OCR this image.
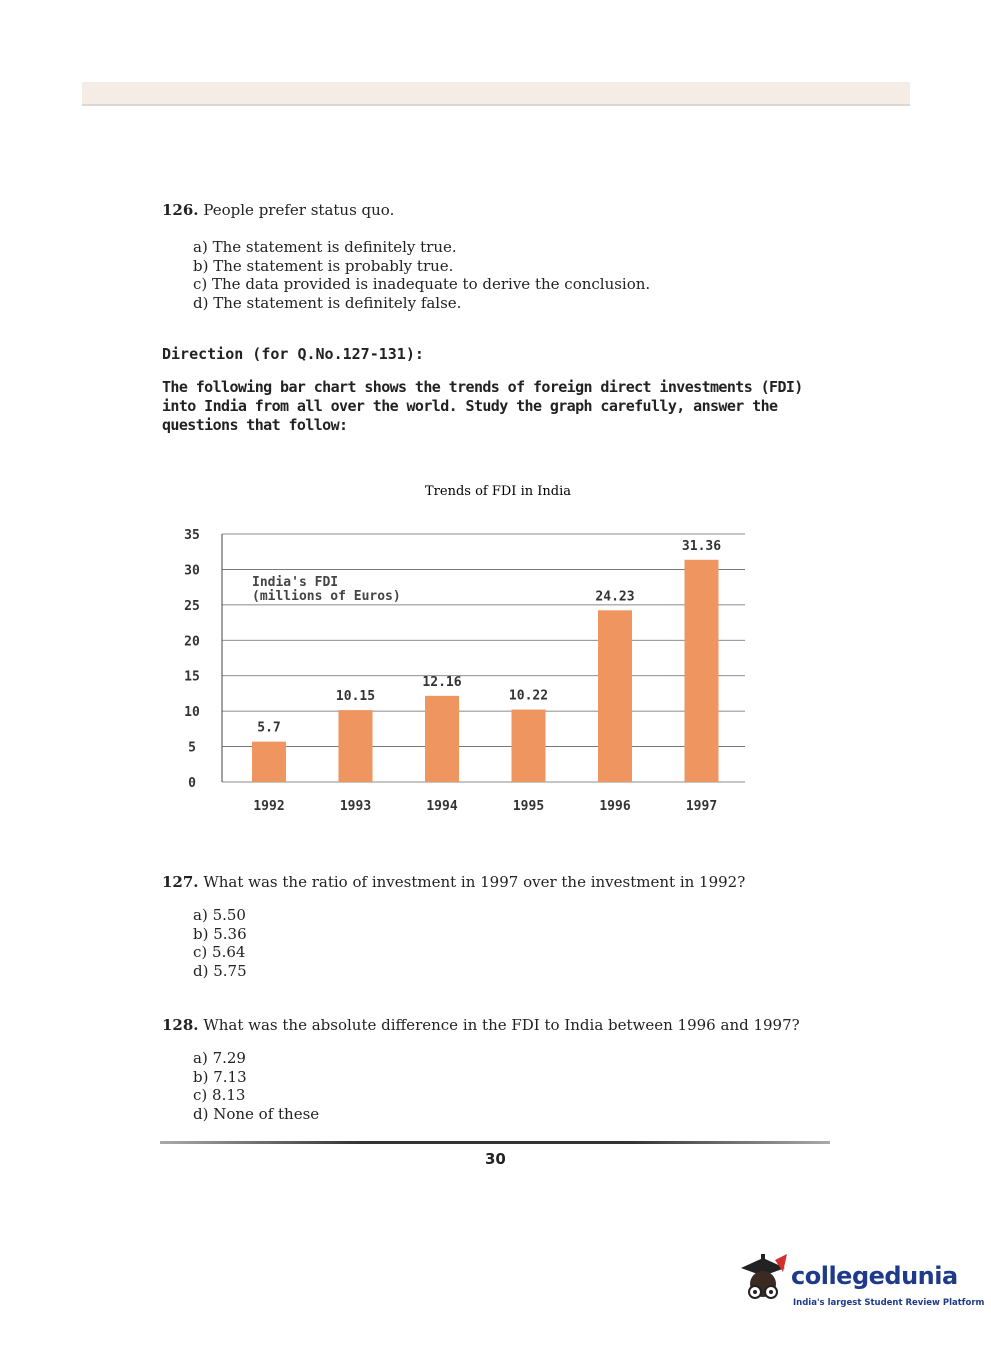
126. People prefer status quo.
a) The statement is definitely true.
b) The statement is probably true.
c) The data provided is inadequate to derive the conclusion.
d) The statement is definitely false.
Direction (for Q.No.127-131):
The following bar chart shows the trends of foreign direct investments (FDI) into India from all over the world. Study the graph carefully, answer the questions that follow:
Trends of FDI in India
0
5
10
15
20
25
30
35
India's FDI
(millions of Euros)
5.7
10.15
12.16
10.22
24.23
31.36
1992	1993	1994	1995	1996	1997
127. What was the ratio of investment in 1997 over the investment in 1992?
a) 5.50
b) 5.36
c) 5.64
d) 5.75
128. What was the absolute difference in the FDI to India between 1996 and 1997?
a) 7.29
b) 7.13
c) 8.13
d) None of these
30
collegedunia
India's largest Student Review Platform
